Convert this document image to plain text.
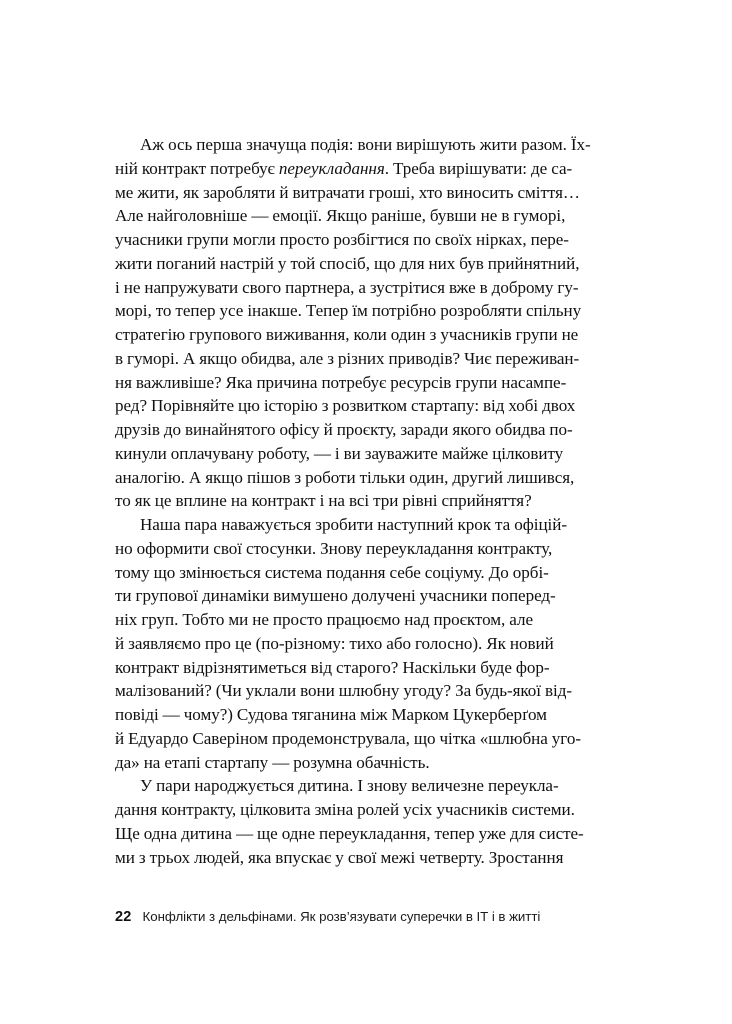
Аж ось перша значуща подія: вони вирішують жити разом. Їх-
ній контракт потребує переукладання. Треба вирішувати: де са-
ме жити, як заробляти й витрачати гроші, хто виносить сміття…
Але найголовніше — емоції. Якщо раніше, бувши не в гуморі,
учасники групи могли просто розбігтися по своїх нірках, пере-
жити поганий настрій у той спосіб, що для них був прийнятний,
і не напружувати свого партнера, а зустрітися вже в доброму гу-
морі, то тепер усе інакше. Тепер їм потрібно розробляти спільну
стратегію групового виживання, коли один з учасників групи не
в гуморі. А якщо обидва, але з різних приводів? Чиє переживан-
ня важливіше? Яка причина потребує ресурсів групи насампе-
ред? Порівняйте цю історію з розвитком стартапу: від хобі двох
друзів до винайнятого офісу й проєкту, заради якого обидва по-
кинули оплачувану роботу, — і ви зауважите майже цілковиту
аналогію. А якщо пішов з роботи тільки один, другий лишився,
то як це вплине на контракт і на всі три рівні сприйняття?

Наша пара наважується зробити наступний крок та офіцій-
но оформити свої стосунки. Знову переукладання контракту,
тому що змінюється система подання себе соціуму. До орбі-
ти групової динаміки вимушено долучені учасники поперед-
ніх груп. Тобто ми не просто працюємо над проєктом, але
й заявляємо про це (по-різному: тихо або голосно). Як новий
контракт відрізнятиметься від старого? Наскільки буде фор-
малізований? (Чи уклали вони шлюбну угоду? За будь-якої від-
повіді — чому?) Судова тяганина між Марком Цукерберґом
й Едуардо Саверіном продемонструвала, що чітка «шлюбна уго-
да» на етапі стартапу — розумна обачність.

У пари народжується дитина. І знову величезне переукла-
дання контракту, цілковита зміна ролей усіх учасників системи.
Ще одна дитина — ще одне переукладання, тепер уже для систе-
ми з трьох людей, яка впускає у свої межі четверту. Зростання

22 Конфлікти з дельфінами. Як розв’язувати суперечки в ІТ і в житті
